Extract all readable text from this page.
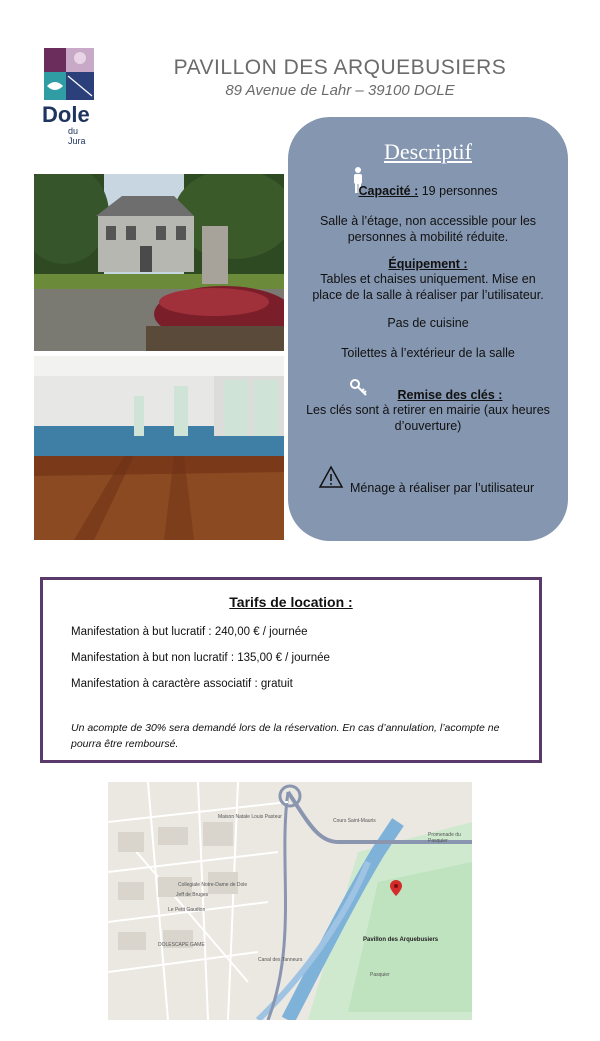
Dole
du Jura
PAVILLON DES ARQUEBUSIERS
89 Avenue de Lahr – 39100 DOLE
Descriptif
Capacité : 19 personnes
Salle à l’étage, non accessible pour les personnes à mobilité réduite.
Équipement :
Tables et chaises uniquement. Mise en place de la salle à réaliser par l’utilisateur.
Pas de cuisine
Toilettes à l’extérieur de la salle
Remise des clés :
Les clés sont à retirer en mairie (aux heures d’ouverture)
Ménage à réaliser par l’utilisateur
Tarifs de location :
Manifestation à but lucratif : 240,00 € / journée
Manifestation à but non lucratif : 135,00 € / journée
Manifestation à caractère associatif : gratuit
Un acompte de 30% sera demandé lors de la réservation. En cas d’annulation, l’acompte ne pourra être remboursé.
Pavillon des Arquebusiers
Maison Natale Louis Pasteur
Collegiale Notre-Dame de Dole
Le Petit Gaudion
DOLESCAPE GAME
Cours Saint-Mauris
Promenade du Pasquier
Canal des Tanneurs
Jeff de Bruges
Pasquier
